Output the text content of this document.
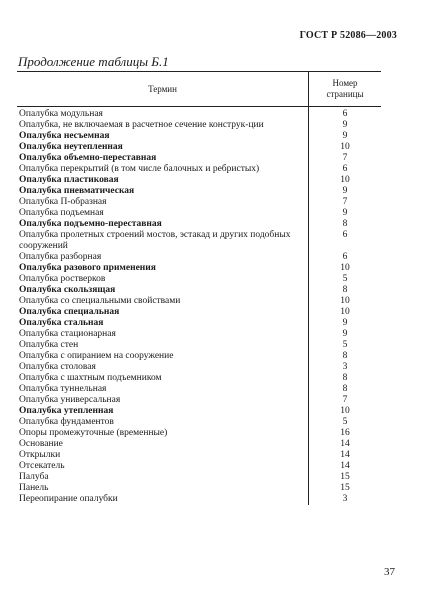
ГОСТ Р 52086—2003
Продолжение таблицы Б.1
Термин	Номер
страницы
Опалубка модульная	6
Опалубка, не включаемая в расчетное сечение конструк-ции	9
Опалубка несъемная	9
Опалубка неутепленная	10
Опалубка объемно-переставная	7
Опалубка перекрытий (в том числе балочных и ребристых)	6
Опалубка пластиковая	10
Опалубка пневматическая	9
Опалубка П-образная	7
Опалубка подъемная	9
Опалубка подъемно-переставная	8
Опалубка пролетных строений мостов, эстакад и других подобных сооружений	6
Опалубка разборная	6
Опалубка разового применения	10
Опалубка ростверков	5
Опалубка скользящая	8
Опалубка со специальными свойствами	10
Опалубка специальная	10
Опалубка стальная	9
Опалубка стационарная	9
Опалубка стен	5
Опалубка с опиранием на сооружение	8
Опалубка столовая	3
Опалубка с шахтным подъемником	8
Опалубка туннельная	8
Опалубка универсальная	7
Опалубка утепленная	10
Опалубка фундаментов	5
Опоры промежуточные (временные)	16
Основание	14
Открылки	14
Отсекатель	14
Палуба	15
Панель	15
Переопирание опалубки	3
37
